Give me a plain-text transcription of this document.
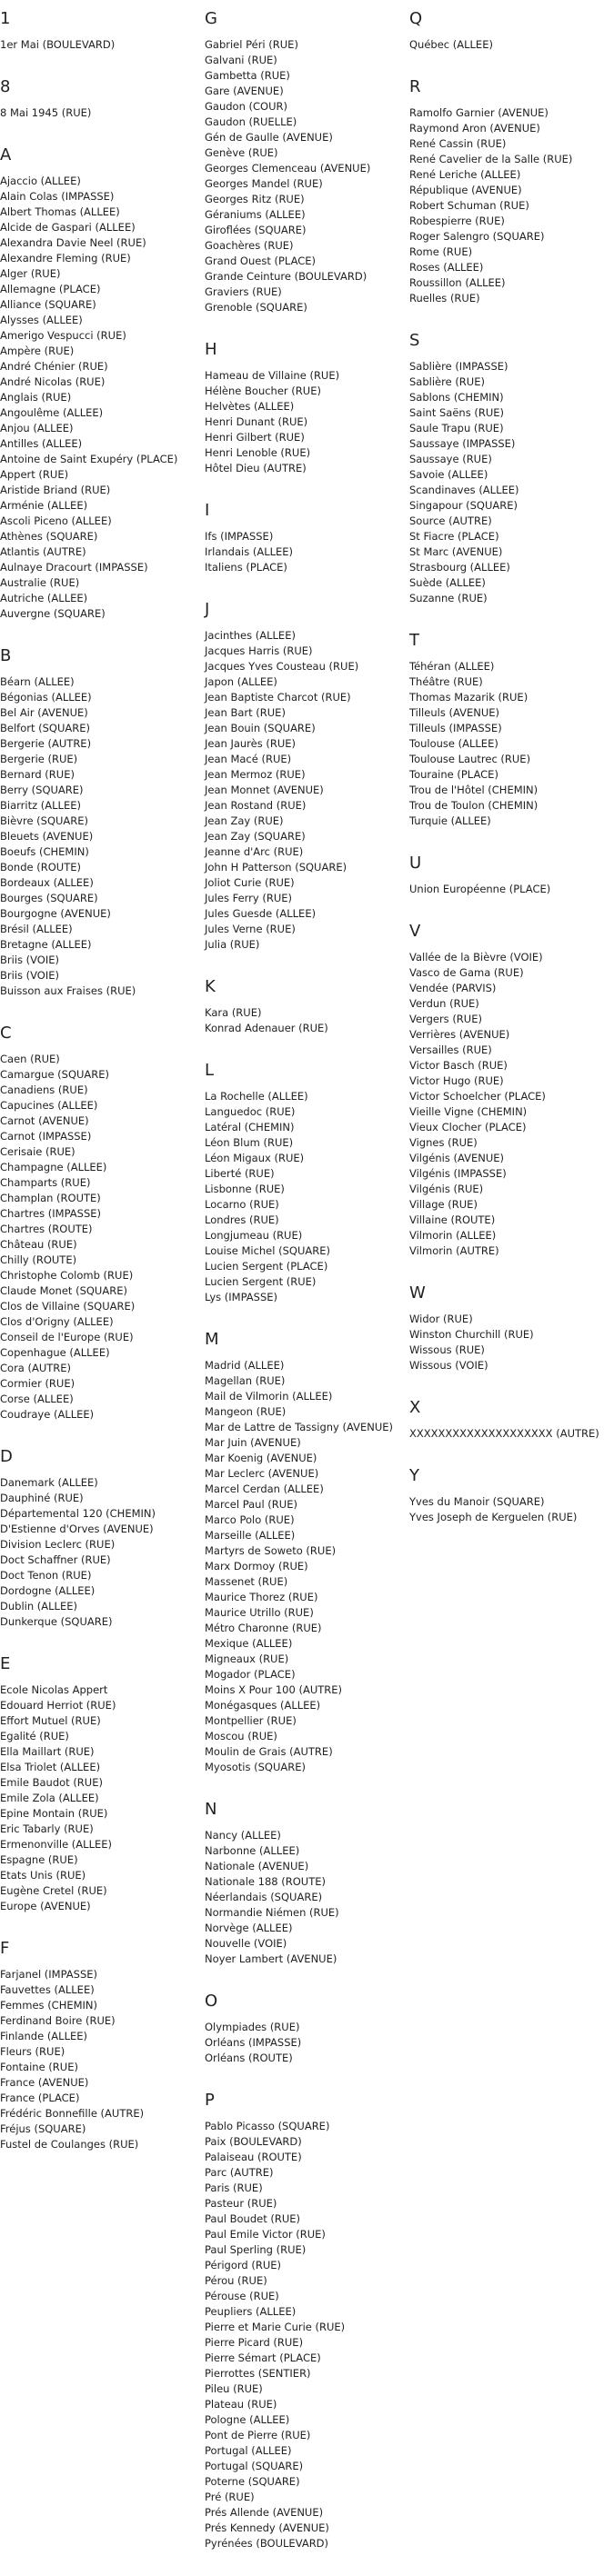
1
1er Mai (BOULEVARD)
8
8 Mai 1945 (RUE)
A
Ajaccio (ALLEE)
Alain Colas (IMPASSE)
Albert Thomas (ALLEE)
Alcide de Gaspari (ALLEE)
Alexandra Davie Neel (RUE)
Alexandre Fleming (RUE)
Alger (RUE)
Allemagne (PLACE)
Alliance (SQUARE)
Alysses (ALLEE)
Amerigo Vespucci (RUE)
Ampère (RUE)
André Chénier (RUE)
André Nicolas (RUE)
Anglais (RUE)
Angoulême (ALLEE)
Anjou (ALLEE)
Antilles (ALLEE)
Antoine de Saint Exupéry (PLACE)
Appert (RUE)
Aristide Briand (RUE)
Arménie (ALLEE)
Ascoli Piceno (ALLEE)
Athènes (SQUARE)
Atlantis (AUTRE)
Aulnaye Dracourt (IMPASSE)
Australie (RUE)
Autriche (ALLEE)
Auvergne (SQUARE)
B
Béarn (ALLEE)
Bégonias (ALLEE)
Bel Air (AVENUE)
Belfort (SQUARE)
Bergerie (AUTRE)
Bergerie (RUE)
Bernard (RUE)
Berry (SQUARE)
Biarritz (ALLEE)
Bièvre (SQUARE)
Bleuets (AVENUE)
Boeufs (CHEMIN)
Bonde (ROUTE)
Bordeaux (ALLEE)
Bourges (SQUARE)
Bourgogne (AVENUE)
Brésil (ALLEE)
Bretagne (ALLEE)
Briis (VOIE)
Briis (VOIE)
Buisson aux Fraises (RUE)
C
Caen (RUE)
Camargue (SQUARE)
Canadiens (RUE)
Capucines (ALLEE)
Carnot (AVENUE)
Carnot (IMPASSE)
Cerisaie (RUE)
Champagne (ALLEE)
Champarts (RUE)
Champlan (ROUTE)
Chartres (IMPASSE)
Chartres (ROUTE)
Château (RUE)
Chilly (ROUTE)
Christophe Colomb (RUE)
Claude Monet (SQUARE)
Clos de Villaine (SQUARE)
Clos d'Origny (ALLEE)
Conseil de l'Europe (RUE)
Copenhague (ALLEE)
Cora (AUTRE)
Cormier (RUE)
Corse (ALLEE)
Coudraye (ALLEE)
D
Danemark (ALLEE)
Dauphiné (RUE)
Départemental 120 (CHEMIN)
D'Estienne d'Orves (AVENUE)
Division Leclerc (RUE)
Doct Schaffner (RUE)
Doct Tenon (RUE)
Dordogne (ALLEE)
Dublin (ALLEE)
Dunkerque (SQUARE)
E
Ecole Nicolas Appert
Edouard Herriot (RUE)
Effort Mutuel (RUE)
Egalité (RUE)
Ella Maillart (RUE)
Elsa Triolet (ALLEE)
Emile Baudot (RUE)
Emile Zola (ALLEE)
Epine Montain (RUE)
Eric Tabarly (RUE)
Ermenonville (ALLEE)
Espagne (RUE)
Etats Unis (RUE)
Eugène Cretel (RUE)
Europe (AVENUE)
F
Farjanel (IMPASSE)
Fauvettes (ALLEE)
Femmes (CHEMIN)
Ferdinand Boire (RUE)
Finlande (ALLEE)
Fleurs (RUE)
Fontaine (RUE)
France (AVENUE)
France (PLACE)
Frédéric Bonnefille (AUTRE)
Fréjus (SQUARE)
Fustel de Coulanges (RUE)
G
Gabriel Péri (RUE)
Galvani (RUE)
Gambetta (RUE)
Gare (AVENUE)
Gaudon (COUR)
Gaudon (RUELLE)
Gén de Gaulle (AVENUE)
Genève (RUE)
Georges Clemenceau (AVENUE)
Georges Mandel (RUE)
Georges Ritz (RUE)
Géraniums (ALLEE)
Giroflées (SQUARE)
Goachères (RUE)
Grand Ouest (PLACE)
Grande Ceinture (BOULEVARD)
Graviers (RUE)
Grenoble (SQUARE)
H
Hameau de Villaine (RUE)
Hélène Boucher (RUE)
Helvètes (ALLEE)
Henri Dunant (RUE)
Henri Gilbert (RUE)
Henri Lenoble (RUE)
Hôtel Dieu (AUTRE)
I
Ifs (IMPASSE)
Irlandais (ALLEE)
Italiens (PLACE)
J
Jacinthes (ALLEE)
Jacques Harris (RUE)
Jacques Yves Cousteau (RUE)
Japon (ALLEE)
Jean Baptiste Charcot (RUE)
Jean Bart (RUE)
Jean Bouin (SQUARE)
Jean Jaurès (RUE)
Jean Macé (RUE)
Jean Mermoz (RUE)
Jean Monnet (AVENUE)
Jean Rostand (RUE)
Jean Zay (RUE)
Jean Zay (SQUARE)
Jeanne d'Arc (RUE)
John H Patterson (SQUARE)
Joliot Curie (RUE)
Jules Ferry (RUE)
Jules Guesde (ALLEE)
Jules Verne (RUE)
Julia (RUE)
K
Kara (RUE)
Konrad Adenauer (RUE)
L
La Rochelle (ALLEE)
Languedoc (RUE)
Latéral (CHEMIN)
Léon Blum (RUE)
Léon Migaux (RUE)
Liberté (RUE)
Lisbonne (RUE)
Locarno (RUE)
Londres (RUE)
Longjumeau (RUE)
Louise Michel (SQUARE)
Lucien Sergent (PLACE)
Lucien Sergent (RUE)
Lys (IMPASSE)
M
Madrid (ALLEE)
Magellan (RUE)
Mail de Vilmorin (ALLEE)
Mangeon (RUE)
Mar de Lattre de Tassigny (AVENUE)
Mar Juin (AVENUE)
Mar Koenig (AVENUE)
Mar Leclerc (AVENUE)
Marcel Cerdan (ALLEE)
Marcel Paul (RUE)
Marco Polo (RUE)
Marseille (ALLEE)
Martyrs de Soweto (RUE)
Marx Dormoy (RUE)
Massenet (RUE)
Maurice Thorez (RUE)
Maurice Utrillo (RUE)
Métro Charonne (RUE)
Mexique (ALLEE)
Migneaux (RUE)
Mogador (PLACE)
Moins X Pour 100 (AUTRE)
Monégasques (ALLEE)
Montpellier (RUE)
Moscou (RUE)
Moulin de Grais (AUTRE)
Myosotis (SQUARE)
N
Nancy (ALLEE)
Narbonne (ALLEE)
Nationale (AVENUE)
Nationale 188 (ROUTE)
Néerlandais (SQUARE)
Normandie Niémen (RUE)
Norvège (ALLEE)
Nouvelle (VOIE)
Noyer Lambert (AVENUE)
O
Olympiades (RUE)
Orléans (IMPASSE)
Orléans (ROUTE)
P
Pablo Picasso (SQUARE)
Paix (BOULEVARD)
Palaiseau (ROUTE)
Parc (AUTRE)
Paris (RUE)
Pasteur (RUE)
Paul Boudet (RUE)
Paul Emile Victor (RUE)
Paul Sperling (RUE)
Périgord (RUE)
Pérou (RUE)
Pérouse (RUE)
Peupliers (ALLEE)
Pierre et Marie Curie (RUE)
Pierre Picard (RUE)
Pierre Sémart (PLACE)
Pierrottes (SENTIER)
Pileu (RUE)
Plateau (RUE)
Pologne (ALLEE)
Pont de Pierre (RUE)
Portugal (ALLEE)
Portugal (SQUARE)
Poterne (SQUARE)
Pré (RUE)
Prés Allende (AVENUE)
Prés Kennedy (AVENUE)
Pyrénées (BOULEVARD)
Q
Québec (ALLEE)
R
Ramolfo Garnier (AVENUE)
Raymond Aron (AVENUE)
René Cassin (RUE)
René Cavelier de la Salle (RUE)
René Leriche (ALLEE)
République (AVENUE)
Robert Schuman (RUE)
Robespierre (RUE)
Roger Salengro (SQUARE)
Rome (RUE)
Roses (ALLEE)
Roussillon (ALLEE)
Ruelles (RUE)
S
Sablière (IMPASSE)
Sablière (RUE)
Sablons (CHEMIN)
Saint Saëns (RUE)
Saule Trapu (RUE)
Saussaye (IMPASSE)
Saussaye (RUE)
Savoie (ALLEE)
Scandinaves (ALLEE)
Singapour (SQUARE)
Source (AUTRE)
St Fiacre (PLACE)
St Marc (AVENUE)
Strasbourg (ALLEE)
Suède (ALLEE)
Suzanne (RUE)
T
Téhéran (ALLEE)
Théâtre (RUE)
Thomas Mazarik (RUE)
Tilleuls (AVENUE)
Tilleuls (IMPASSE)
Toulouse (ALLEE)
Toulouse Lautrec (RUE)
Touraine (PLACE)
Trou de l'Hôtel (CHEMIN)
Trou de Toulon (CHEMIN)
Turquie (ALLEE)
U
Union Européenne (PLACE)
V
Vallée de la Bièvre (VOIE)
Vasco de Gama (RUE)
Vendée (PARVIS)
Verdun (RUE)
Vergers (RUE)
Verrières (AVENUE)
Versailles (RUE)
Victor Basch (RUE)
Victor Hugo (RUE)
Victor Schoelcher (PLACE)
Vieille Vigne (CHEMIN)
Vieux Clocher (PLACE)
Vignes (RUE)
Vilgénis (AVENUE)
Vilgénis (IMPASSE)
Vilgénis (RUE)
Village (RUE)
Villaine (ROUTE)
Vilmorin (ALLEE)
Vilmorin (AUTRE)
W
Widor (RUE)
Winston Churchill (RUE)
Wissous (RUE)
Wissous (VOIE)
X
XXXXXXXXXXXXXXXXXXXX (AUTRE)
Y
Yves du Manoir (SQUARE)
Yves Joseph de Kerguelen (RUE)
